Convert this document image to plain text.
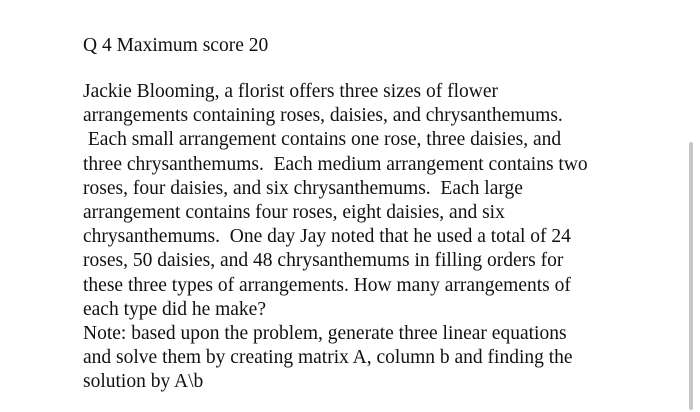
Q 4 Maximum score 20
Jackie Blooming, a florist offers three sizes of flower
arrangements containing roses, daisies, and chrysanthemums.
Each small arrangement contains one rose, three daisies, and
three chrysanthemums.  Each medium arrangement contains two
roses, four daisies, and six chrysanthemums.  Each large
arrangement contains four roses, eight daisies, and six
chrysanthemums.  One day Jay noted that he used a total of 24
roses, 50 daisies, and 48 chrysanthemums in filling orders for
these three types of arrangements. How many arrangements of
each type did he make?
Note: based upon the problem, generate three linear equations
and solve them by creating matrix A, column b and finding the
solution by A\b
